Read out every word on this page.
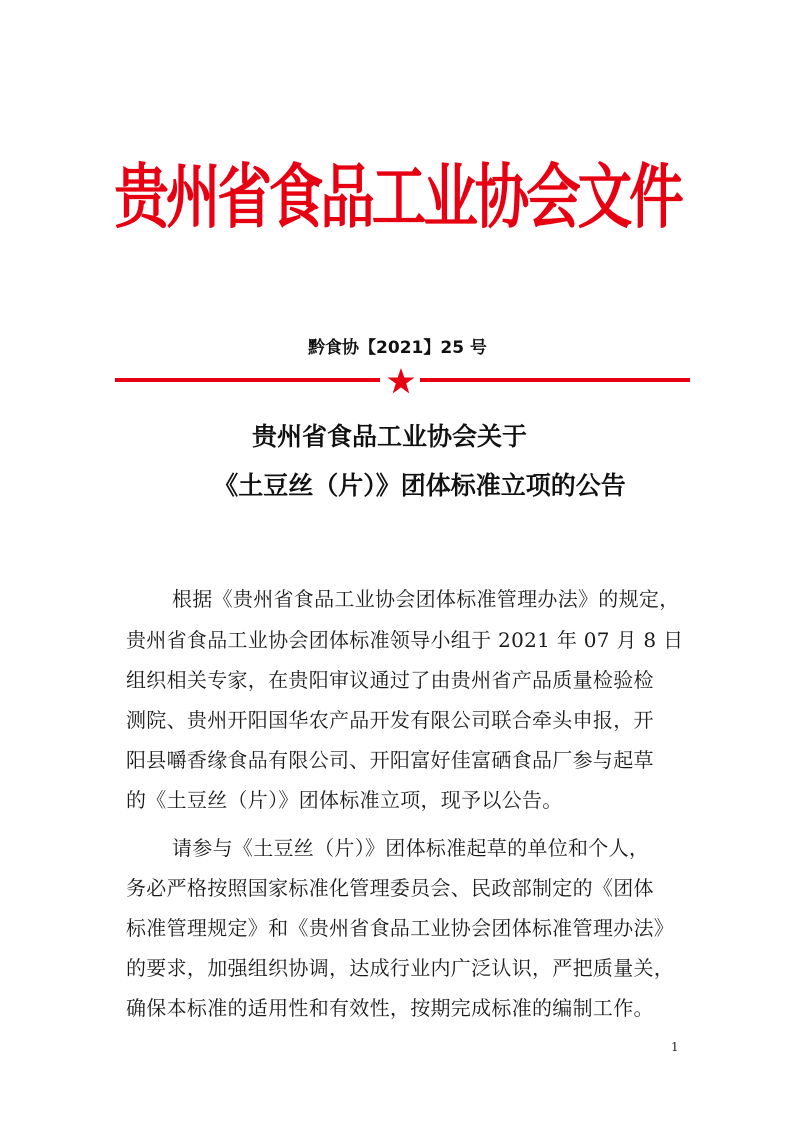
贵州省食品工业协会文件
黔食协【2021】25 号
贵州省食品工业协会关于
《土豆丝（片）》团体标准立项的公告
根据《贵州省食品工业协会团体标准管理办法》的规定，
贵州省食品工业协会团体标准领导小组于 2021 年 07 月 8 日
组织相关专家，在贵阳审议通过了由贵州省产品质量检验检
测院、贵州开阳国华农产品开发有限公司联合牵头申报，开
阳县嚼香缘食品有限公司、开阳富好佳富硒食品厂参与起草
的《土豆丝（片）》团体标准立项，现予以公告。
请参与《土豆丝（片）》团体标准起草的单位和个人，
务必严格按照国家标准化管理委员会、民政部制定的《团体
标准管理规定》和《贵州省食品工业协会团体标准管理办法》
的要求，加强组织协调，达成行业内广泛认识，严把质量关，
确保本标准的适用性和有效性，按期完成标准的编制工作。
1
